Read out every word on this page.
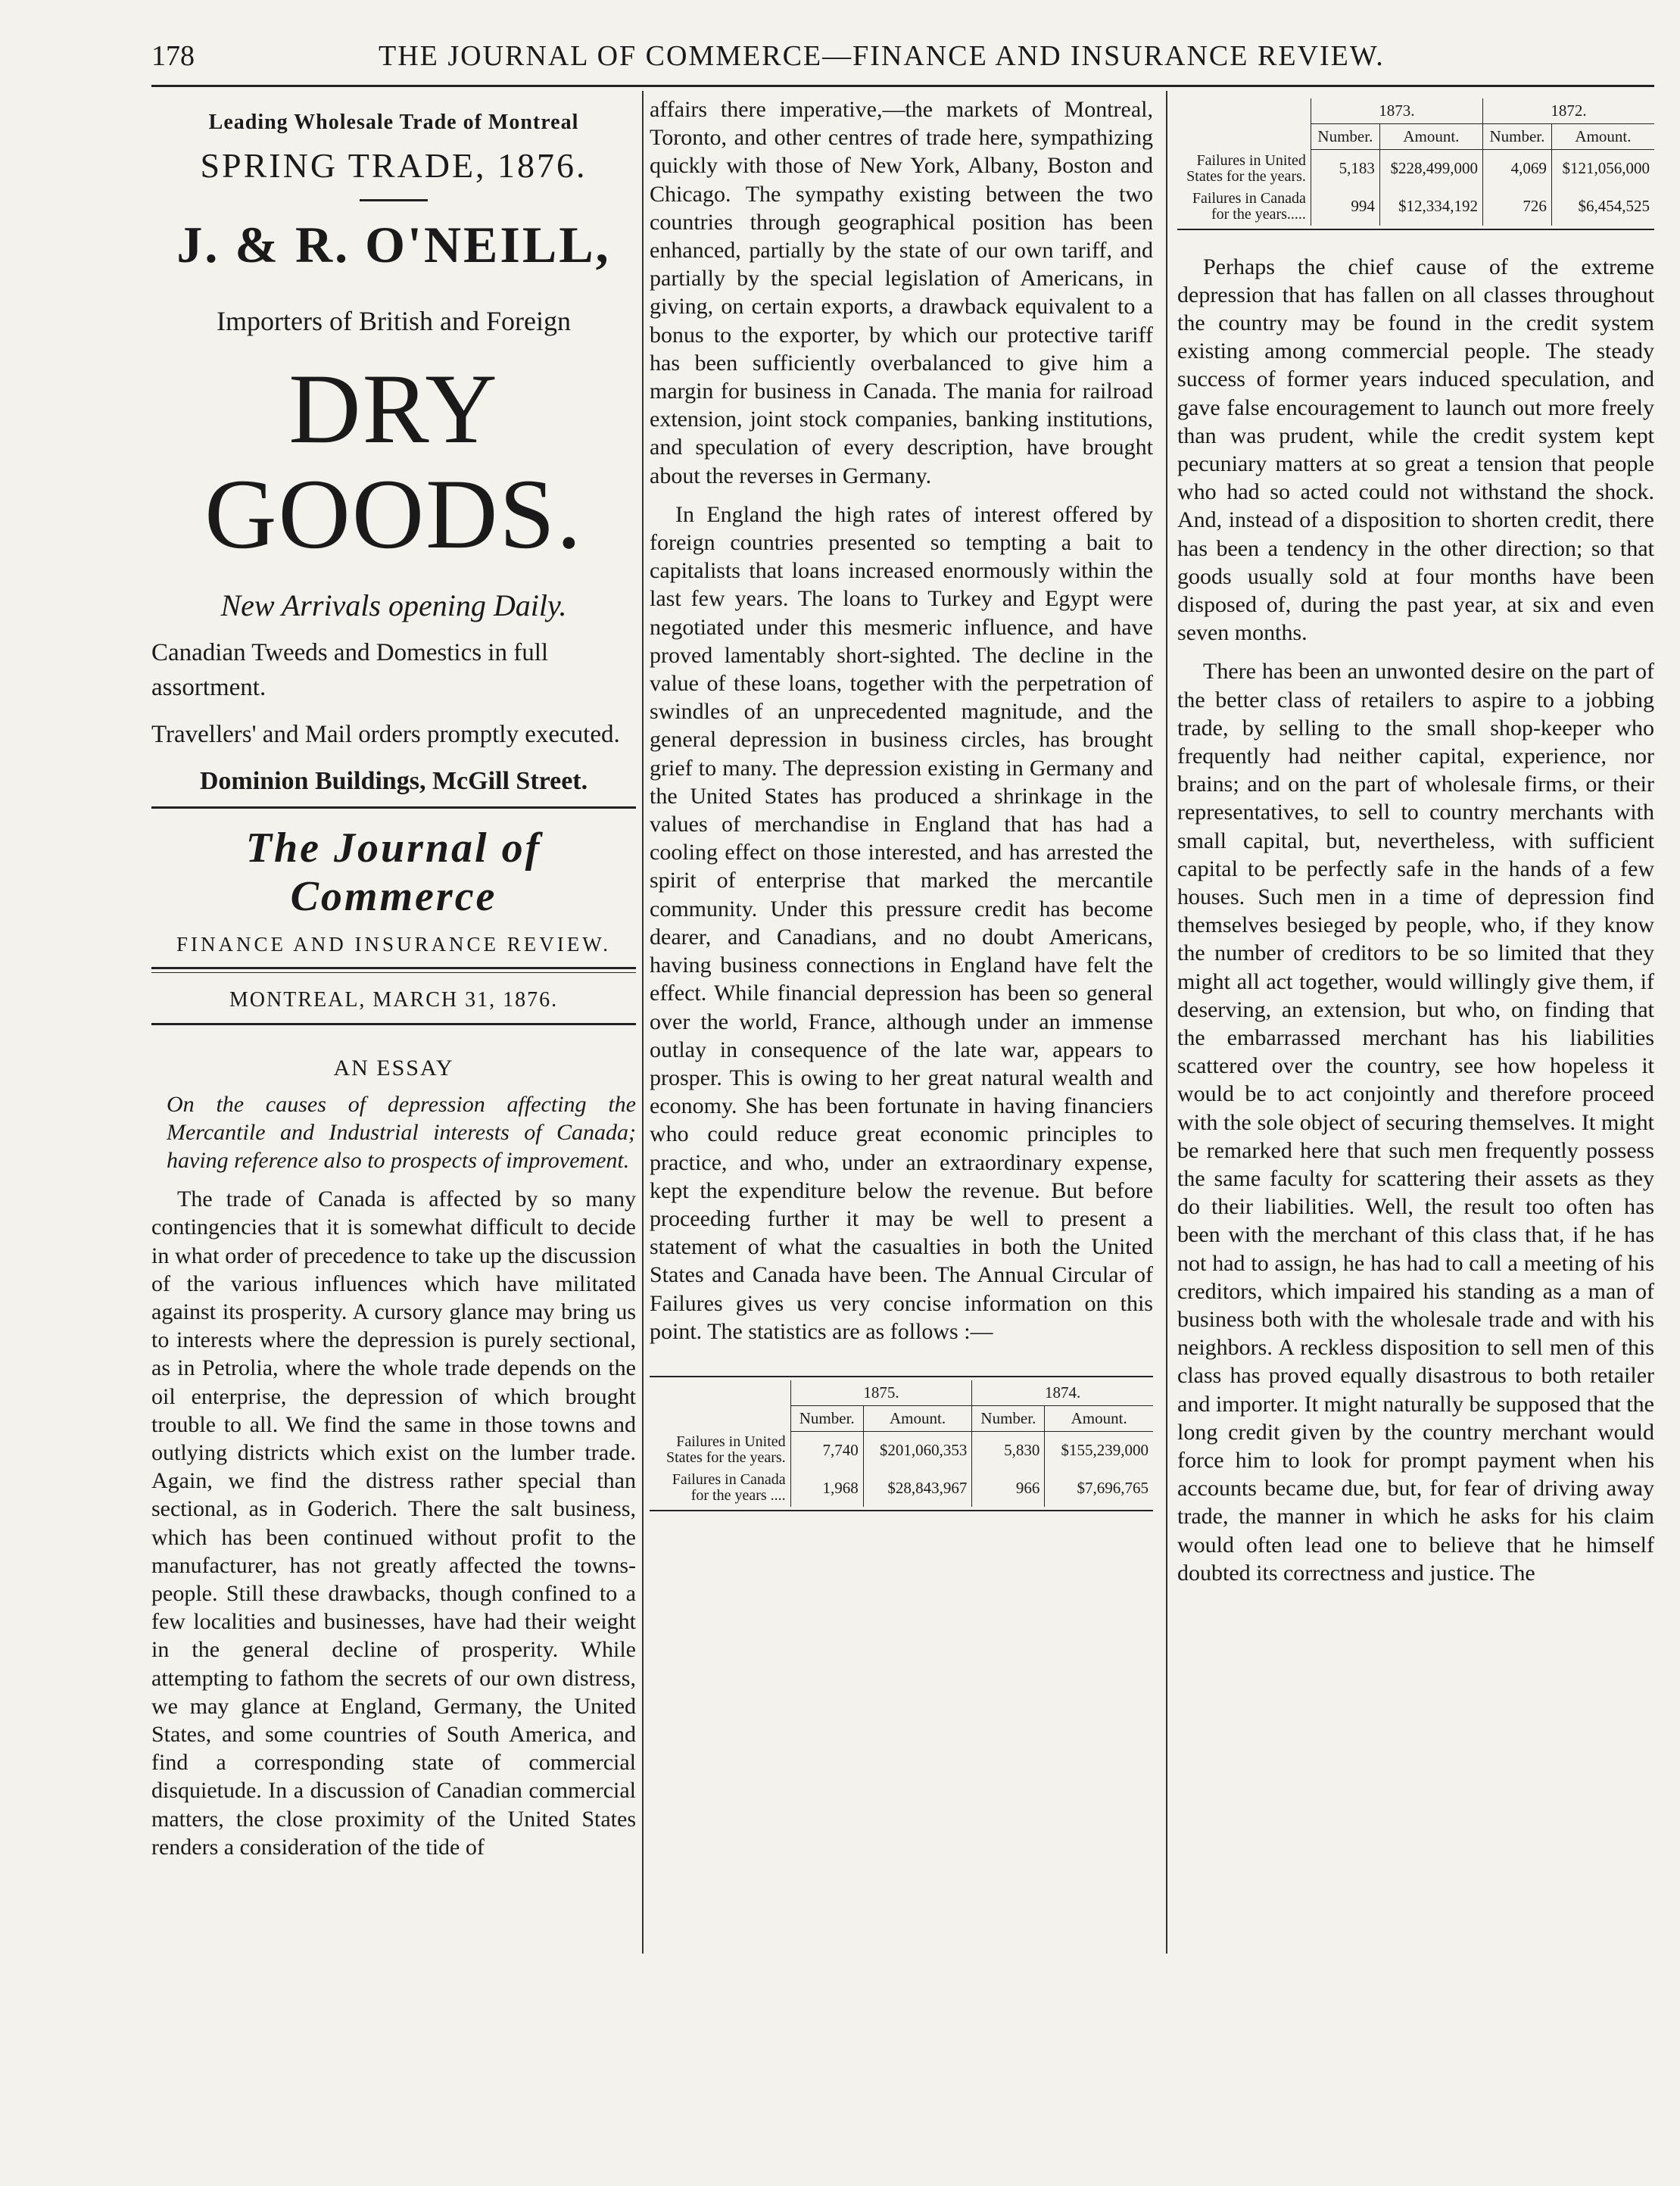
178	THE JOURNAL OF COMMERCE—FINANCE AND INSURANCE REVIEW.
Leading Wholesale Trade of Montreal
SPRING TRADE, 1876.
J. & R. O'NEILL,
Importers of British and Foreign
DRY GOODS.
New Arrivals opening Daily.
Canadian Tweeds and Domestics in full assortment.
Travellers' and Mail orders promptly executed.
Dominion Buildings, McGill Street.
The Journal of Commerce
FINANCE AND INSURANCE REVIEW.
MONTREAL, MARCH 31, 1876.
AN ESSAY
On the causes of depression affecting the Mercantile and Industrial interests of Canada; having reference also to prospects of improvement.

The trade of Canada is affected by so many contingencies that it is somewhat difficult to decide in what order of precedence to take up the discussion of the various influences which have militated against its prosperity. A cursory glance may bring us to interests where the depression is purely sectional, as in Petrolia, where the whole trade depends on the oil enterprise, the depression of which brought trouble to all. We find the same in those towns and outlying districts which exist on the lumber trade. Again, we find the distress rather special than sectional, as in Goderich. There the salt business, which has been continued without profit to the manufacturer, has not greatly affected the towns-people. Still these drawbacks, though confined to a few localities and businesses, have had their weight in the general decline of prosperity. While attempting to fathom the secrets of our own distress, we may glance at England, Germany, the United States, and some countries of South America, and find a corresponding state of commercial disquietude. In a discussion of Canadian commercial matters, the close proximity of the United States renders a consideration of the tide of

affairs there imperative,—the markets of Montreal, Toronto, and other centres of trade here, sympathizing quickly with those of New York, Albany, Boston and Chicago. The sympathy existing between the two countries through geographical position has been enhanced, partially by the state of our own tariff, and partially by the special legislation of Americans, in giving, on certain exports, a drawback equivalent to a bonus to the exporter, by which our protective tariff has been sufficiently overbalanced to give him a margin for business in Canada. The mania for railroad extension, joint stock companies, banking institutions, and speculation of every description, have brought about the reverses in Germany.

In England the high rates of interest offered by foreign countries presented so tempting a bait to capitalists that loans increased enormously within the last few years. The loans to Turkey and Egypt were negotiated under this mesmeric influence, and have proved lamentably short-sighted. The decline in the value of these loans, together with the perpetration of swindles of an unprecedented magnitude, and the general depression in business circles, has brought grief to many. The depression existing in Germany and the United States has produced a shrinkage in the values of merchandise in England that has had a cooling effect on those interested, and has arrested the spirit of enterprise that marked the mercantile community. Under this pressure credit has become dearer, and Canadians, and no doubt Americans, having business connections in England have felt the effect. While financial depression has been so general over the world, France, although under an immense outlay in consequence of the late war, appears to prosper. This is owing to her great natural wealth and economy. She has been fortunate in having financiers who could reduce great economic principles to practice, and who, under an extraordinary expense, kept the expenditure below the revenue. But before proceeding further it may be well to present a statement of what the casualties in both the United States and Canada have been. The Annual Circular of Failures gives us very concise information on this point. The statistics are as follows :—

	1875.		1874.	
	Number.	Amount.	Number.	Amount.
Failures in United States for the years.	7,740	$201,060,353	5,830	$155,239,000
Failures in Canada for the years ....	1,968	$28,843,967	966	$7,696,765
	1873.		1872.	
	Number.	Amount.	Number.	Amount.
Failures in United States for the years.	5,183	$228,499,000	4,069	$121,056,000
Failures in Canada for the years.....	994	$12,334,192	726	$6,454,525

Perhaps the chief cause of the extreme depression that has fallen on all classes throughout the country may be found in the credit system existing among commercial people. The steady success of former years induced speculation, and gave false encouragement to launch out more freely than was prudent, while the credit system kept pecuniary matters at so great a tension that people who had so acted could not withstand the shock. And, instead of a disposition to shorten credit, there has been a tendency in the other direction; so that goods usually sold at four months have been disposed of, during the past year, at six and even seven months.

There has been an unwonted desire on the part of the better class of retailers to aspire to a jobbing trade, by selling to the small shop-keeper who frequently had neither capital, experience, nor brains; and on the part of wholesale firms, or their representatives, to sell to country merchants with small capital, but, nevertheless, with sufficient capital to be perfectly safe in the hands of a few houses. Such men in a time of depression find themselves besieged by people, who, if they know the number of creditors to be so limited that they might all act together, would willingly give them, if deserving, an extension, but who, on finding that the embarrassed merchant has his liabilities scattered over the country, see how hopeless it would be to act conjointly and therefore proceed with the sole object of securing themselves. It might be remarked here that such men frequently possess the same faculty for scattering their assets as they do their liabilities. Well, the result too often has been with the merchant of this class that, if he has not had to assign, he has had to call a meeting of his creditors, which impaired his standing as a man of business both with the wholesale trade and with his neighbors. A reckless disposition to sell men of this class has proved equally disastrous to both retailer and importer. It might naturally be supposed that the long credit given by the country merchant would force him to look for prompt payment when his accounts became due, but, for fear of driving away trade, the manner in which he asks for his claim would often lead one to believe that he himself doubted its correctness and justice. The
